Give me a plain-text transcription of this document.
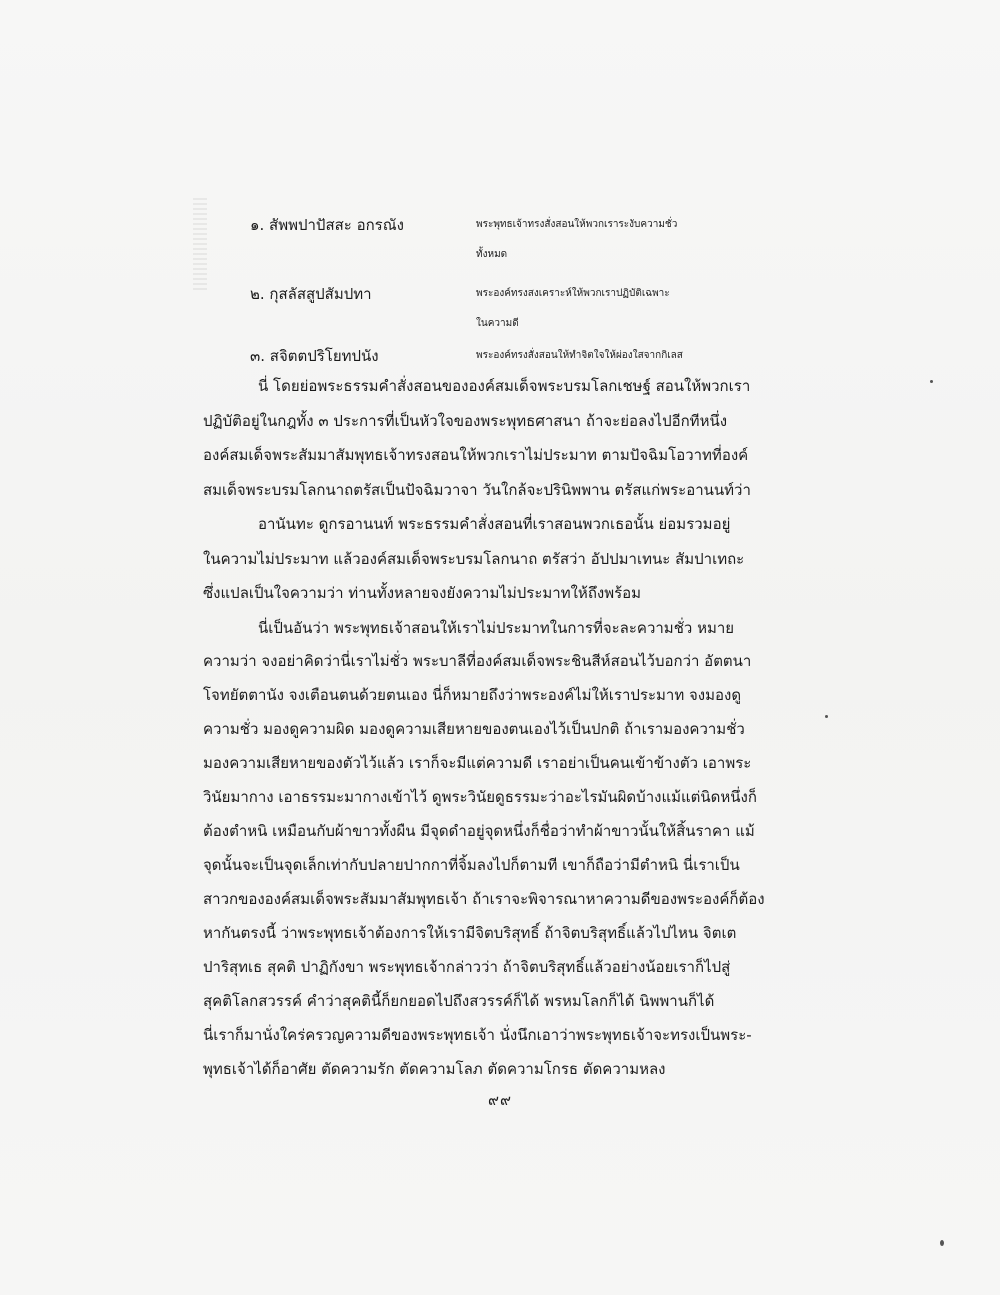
๑. สัพพปาปัสสะ อกรณัง	พระพุทธเจ้าทรงสั่งสอนให้พวกเราระงับความชั่ว
ทั้งหมด
๒. กุสลัสสูปสัมปทา	พระองค์ทรงสงเคราะห์ให้พวกเราปฏิบัติเฉพาะ
ในความดี
๓. สจิตตปริโยทปนัง	พระองค์ทรงสั่งสอนให้ทำจิตใจให้ผ่องใสจากกิเลส
นี่ โดยย่อพระธรรมคำสั่งสอนขององค์สมเด็จพระบรมโลกเชษฐ์ สอนให้พวกเรา
ปฏิบัติอยู่ในกฎทั้ง ๓ ประการที่เป็นหัวใจของพระพุทธศาสนา ถ้าจะย่อลงไปอีกทีหนึ่ง
องค์สมเด็จพระสัมมาสัมพุทธเจ้าทรงสอนให้พวกเราไม่ประมาท ตามปัจฉิมโอวาทที่องค์
สมเด็จพระบรมโลกนาถตรัสเป็นปัจฉิมวาจา วันใกล้จะปรินิพพาน ตรัสแก่พระอานนท์ว่า
อานันทะ ดูกรอานนท์ พระธรรมคำสั่งสอนที่เราสอนพวกเธอนั้น ย่อมรวมอยู่
ในความไม่ประมาท แล้วองค์สมเด็จพระบรมโลกนาถ ตรัสว่า อัปปมาเทนะ สัมปาเทถะ
ซึ่งแปลเป็นใจความว่า ท่านทั้งหลายจงยังความไม่ประมาทให้ถึงพร้อม
นี่เป็นอันว่า พระพุทธเจ้าสอนให้เราไม่ประมาทในการที่จะละความชั่ว หมาย
ความว่า จงอย่าคิดว่านี่เราไม่ชั่ว พระบาลีที่องค์สมเด็จพระชินสีห์สอนไว้บอกว่า อัตตนา
โจทยัตตานัง จงเตือนตนด้วยตนเอง นี่ก็หมายถึงว่าพระองค์ไม่ให้เราประมาท จงมองดู
ความชั่ว มองดูความผิด มองดูความเสียหายของตนเองไว้เป็นปกติ ถ้าเรามองความชั่ว
มองความเสียหายของตัวไว้แล้ว เราก็จะมีแต่ความดี เราอย่าเป็นคนเข้าข้างตัว เอาพระ
วินัยมากาง เอาธรรมะมากางเข้าไว้ ดูพระวินัยดูธรรมะว่าอะไรมันผิดบ้างแม้แต่นิดหนึ่งก็
ต้องตำหนิ เหมือนกับผ้าขาวทั้งผืน มีจุดดำอยู่จุดหนึ่งก็ชื่อว่าทำผ้าขาวนั้นให้สิ้นราคา แม้
จุดนั้นจะเป็นจุดเล็กเท่ากับปลายปากกาที่จิ้มลงไปก็ตามที เขาก็ถือว่ามีตำหนิ นี่เราเป็น
สาวกขององค์สมเด็จพระสัมมาสัมพุทธเจ้า ถ้าเราจะพิจารณาหาความดีของพระองค์ก็ต้อง
หากันตรงนี้ ว่าพระพุทธเจ้าต้องการให้เรามีจิตบริสุทธิ์ ถ้าจิตบริสุทธิ์แล้วไปไหน จิตเต
ปาริสุทเธ สุคติ ปาฏิกังขา พระพุทธเจ้ากล่าวว่า ถ้าจิตบริสุทธิ์แล้วอย่างน้อยเราก็ไปสู่
สุคติโลกสวรรค์ คำว่าสุคตินี้ก็ยกยอดไปถึงสวรรค์ก็ได้ พรหมโลกก็ได้ นิพพานก็ได้
นี่เราก็มานั่งใคร่ครวญความดีของพระพุทธเจ้า นั่งนึกเอาว่าพระพุทธเจ้าจะทรงเป็นพระ-
พุทธเจ้าได้ก็อาศัย ตัดความรัก ตัดความโลภ ตัดความโกรธ ตัดความหลง
๙๙
